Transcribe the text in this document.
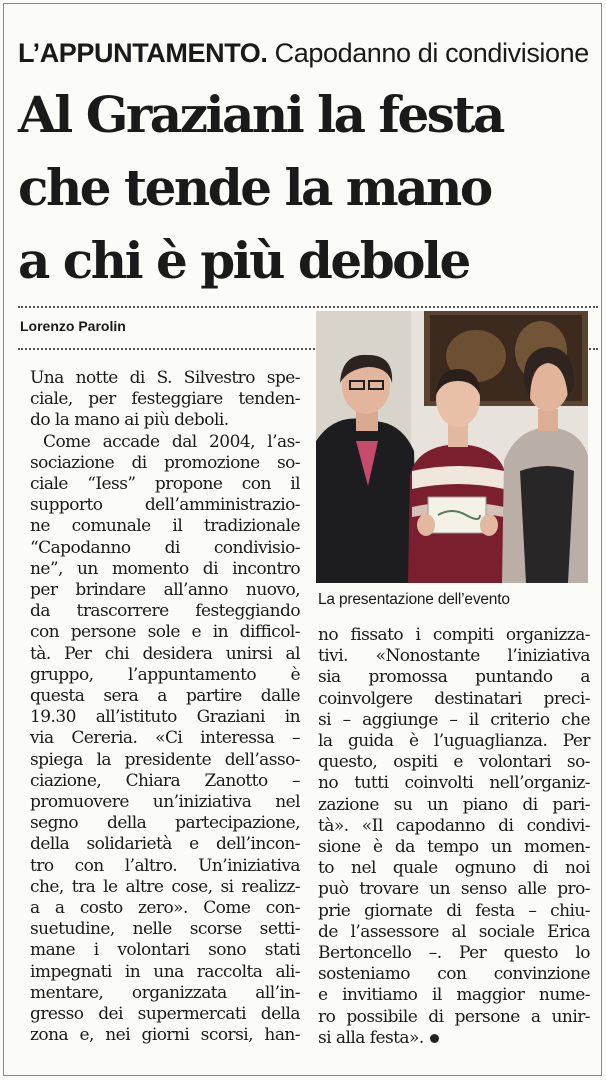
L’APPUNTAMENTO. Capodanno di condivisione
Al Graziani la festa
che tende la mano
a chi è più debole
Lorenzo Parolin
La presentazione dell’evento
Una notte di S. Silvestro spe-
ciale, per festeggiare tenden-
do la mano ai più deboli.
Come accade dal 2004, l’as-
sociazione di promozione so-
ciale “Iess” propone con il
supporto dell’amministrazio-
ne comunale il tradizionale
“Capodanno di condivisio-
ne”, un momento di incontro
per brindare all’anno nuovo,
da trascorrere festeggiando
con persone sole e in difficol-
tà. Per chi desidera unirsi al
gruppo, l’appuntamento è
questa sera a partire dalle
19.30 all’istituto Graziani in
via Cereria. «Ci interessa –
spiega la presidente dell’asso-
ciazione, Chiara Zanotto –
promuovere un’iniziativa nel
segno della partecipazione,
della solidarietà e dell’incon-
tro con l’altro. Un’iniziativa
che, tra le altre cose, si realizz-
a a costo zero». Come con-
suetudine, nelle scorse setti-
mane i volontari sono stati
impegnati in una raccolta ali-
mentare, organizzata all’in-
gresso dei supermercati della
zona e, nei giorni scorsi, han-
no fissato i compiti organizza-
tivi. «Nonostante l’iniziativa
sia promossa puntando a
coinvolgere destinatari preci-
si – aggiunge – il criterio che
la guida è l’uguaglianza. Per
questo, ospiti e volontari so-
no tutti coinvolti nell’organiz-
zazione su un piano di pari-
tà». «Il capodanno di condivi-
sione è da tempo un momen-
to nel quale ognuno di noi
può trovare un senso alle pro-
prie giornate di festa – chiu-
de l’assessore al sociale Erica
Bertoncello –. Per questo lo
sosteniamo con convinzione
e invitiamo il maggior nume-
ro possibile di persone a unir-
si alla festa».
